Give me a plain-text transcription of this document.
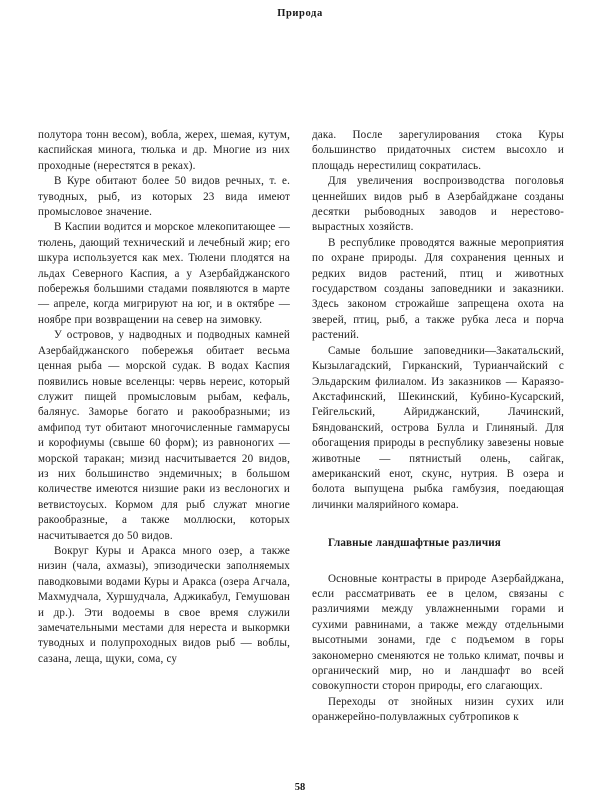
Природа

полутора тонн весом), вобла, жерех, шемая, кутум, каспийская минога, тюлька и др. Многие из них проходные (нерестятся в реках).

В Куре обитают более 50 видов речных, т. е. туводных, рыб, из которых 23 вида имеют промысловое значение.

В Каспии водится и морское млекопитающее — тюлень, дающий технический и лечебный жир; его шкура используется как мех. Тюлени плодятся на льдах Северного Каспия, а у Азербайджанского побережья большими стадами появляются в марте — апреле, когда мигрируют на юг, и в октябре — ноябре при возвращении на север на зимовку.

У островов, у надводных и подводных камней Азербайджанского побережья обитает весьма ценная рыба — морской судак. В водах Каспия появились новые вселенцы: червь нереис, который служит пищей промысловым рыбам, кефаль, балянус. Заморье богато и ракообразными; из амфипод тут обитают многочисленные гаммарусы и корофиумы (свыше 60 форм); из равноногих — морской таракан; мизид насчитывается 20 видов, из них большинство эндемичных; в большом количестве имеются низшие раки из веслоногих и ветвистоусых. Кормом для рыб служат многие ракообразные, а также моллюски, которых насчитывается до 50 видов.

Вокруг Куры и Аракса много озер, а также низин (чала, ахмазы), эпизодически заполняемых паводковыми водами Куры и Аракса (озера Агчала, Махмудчала, Хуршудчала, Аджикабул, Гемушован и др.). Эти водоемы в свое время служили замечательными местами для нереста и выкормки туводных и полупроходных видов рыб — воблы, сазана, леща, щуки, сома, су

дака. После зарегулирования стока Куры большинство придаточных систем высохло и площадь нерестилищ сократилась.

Для увеличения воспроизводства поголовья ценнейших видов рыб в Азербайджане созданы десятки рыбоводных заводов и нерестово-вырастных хозяйств.

В республике проводятся важные мероприятия по охране природы. Для сохранения ценных и редких видов растений, птиц и животных государством созданы заповедники и заказники. Здесь законом строжайше запрещена охота на зверей, птиц, рыб, а также рубка леса и порча растений.

Самые большие заповедники—Закатальский, Кызылагадский, Гирканский, Турианчайский с Эльдарским филиалом. Из заказников — Караязо-Акстафинский, Шекинский, Кубино-Кусарский, Гейгельский, Айриджанский, Лачинский, Бяндованский, острова Булла и Глиняный. Для обогащения природы в республику завезены новые животные — пятнистый олень, сайгак, американский енот, скунс, нутрия. В озера и болота выпущена рыбка гамбузия, поедающая личинки малярийного комара.

Главные ландшафтные различия

Основные контрасты в природе Азербайджана, если рассматривать ее в целом, связаны с различиями между увлажненными горами и сухими равнинами, а также между отдельными высотными зонами, где с подъемом в горы закономерно сменяются не только климат, почвы и органический мир, но и ландшафт во всей совокупности сторон природы, его слагающих.

Переходы от знойных низин сухих или оранжерейно-полувлажных субтропиков к

58
